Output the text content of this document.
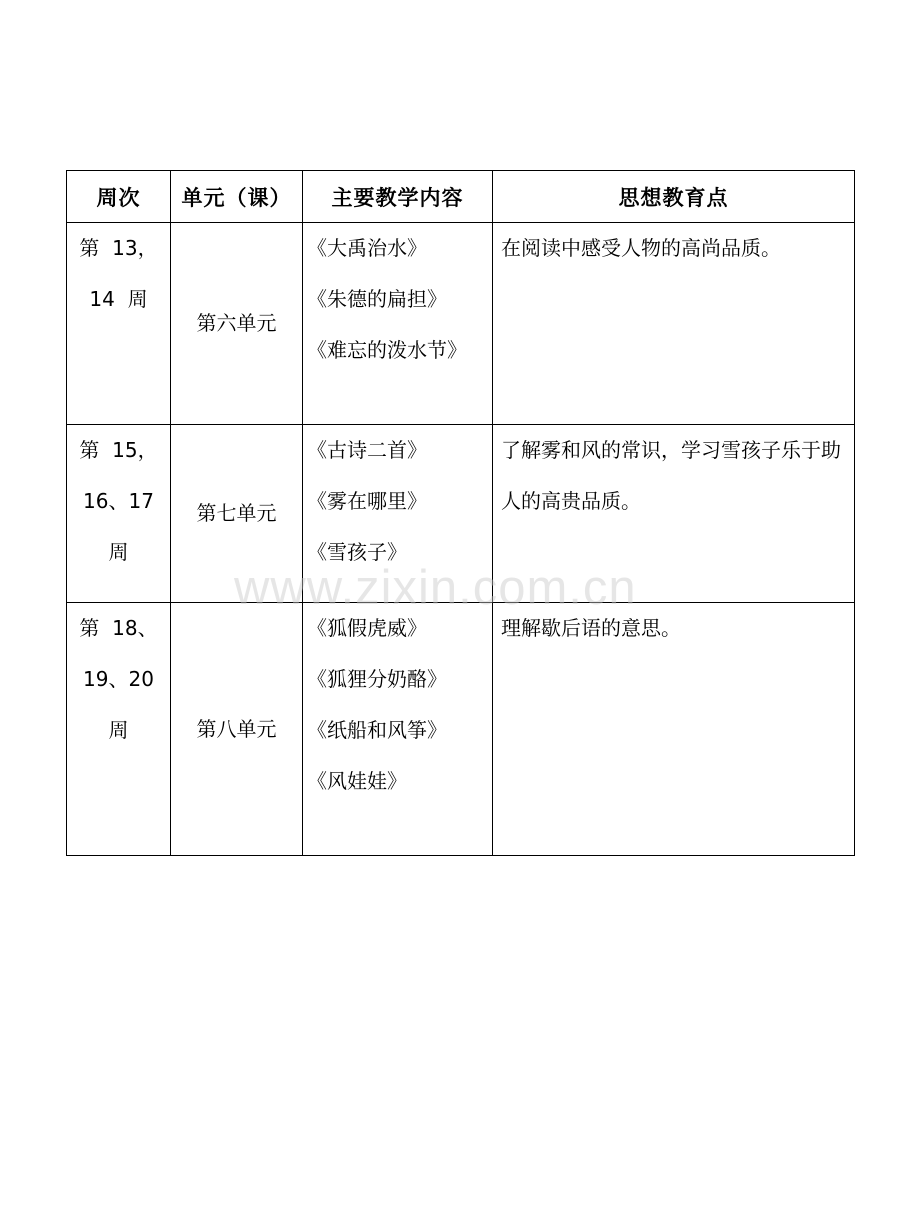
周次	单元（课）	主要教学内容	思想教育点

第  13，
14  周	第六单元	《大禹治水》
《朱德的扁担》
《难忘的泼水节》	在阅读中感受人物的高尚品质。

第  15，
16、17
周	第七单元	《古诗二首》
《雾在哪里》
《雪孩子》	了解雾和风的常识，学习雪孩子乐于助人的高贵品质。

第  18、
19、20
周	第八单元	《狐假虎威》
《狐狸分奶酪》
《纸船和风筝》
《风娃娃》	理解歇后语的意思。
www.zixin.com.cn
